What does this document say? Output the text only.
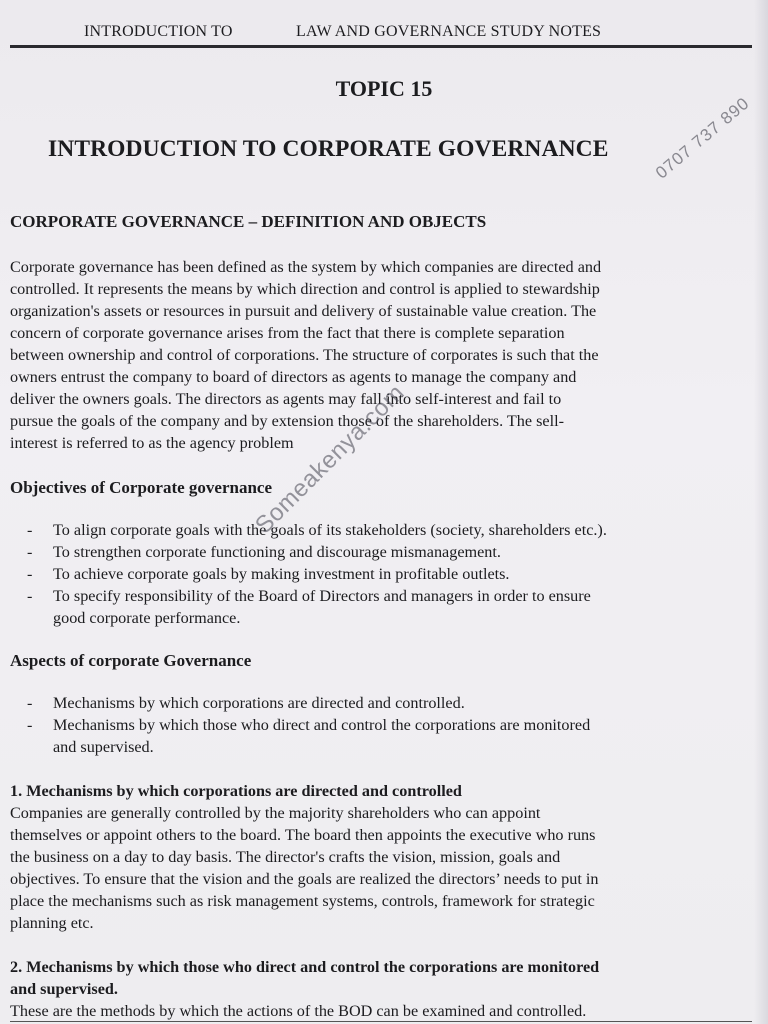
INTRODUCTION TO	LAW AND GOVERNANCE STUDY NOTES
TOPIC 15
INTRODUCTION TO CORPORATE GOVERNANCE
CORPORATE GOVERNANCE – DEFINITION AND OBJECTS
Corporate governance has been defined as the system by which companies are directed and
controlled. It represents the means by which direction and control is applied to stewardship
organization's assets or resources in pursuit and delivery of sustainable value creation. The
concern of corporate governance arises from the fact that there is complete separation
between ownership and control of corporations. The structure of corporates is such that the
owners entrust the company to board of directors as agents to manage the company and
deliver the owners goals. The directors as agents may fall into self-interest and fail to
pursue the goals of the company and by extension those of the shareholders. The sell-
interest is referred to as the agency problem
Objectives of Corporate governance
- To align corporate goals with the goals of its stakeholders (society, shareholders etc.).
- To strengthen corporate functioning and discourage mismanagement.
- To achieve corporate goals by making investment in profitable outlets.
- To specify responsibility of the Board of Directors and managers in order to ensure
good corporate performance.
Aspects of corporate Governance
- Mechanisms by which corporations are directed and controlled.
- Mechanisms by which those who direct and control the corporations are monitored
and supervised.
1. Mechanisms by which corporations are directed and controlled
Companies are generally controlled by the majority shareholders who can appoint
themselves or appoint others to the board. The board then appoints the executive who runs
the business on a day to day basis. The director's crafts the vision, mission, goals and
objectives. To ensure that the vision and the goals are realized the directors’ needs to put in
place the mechanisms such as risk management systems, controls, framework for strategic
planning etc.
2. Mechanisms by which those who direct and control the corporations are monitored
and supervised.
These are the methods by which the actions of the BOD can be examined and controlled.
Someakenya.com
0707 737 890
